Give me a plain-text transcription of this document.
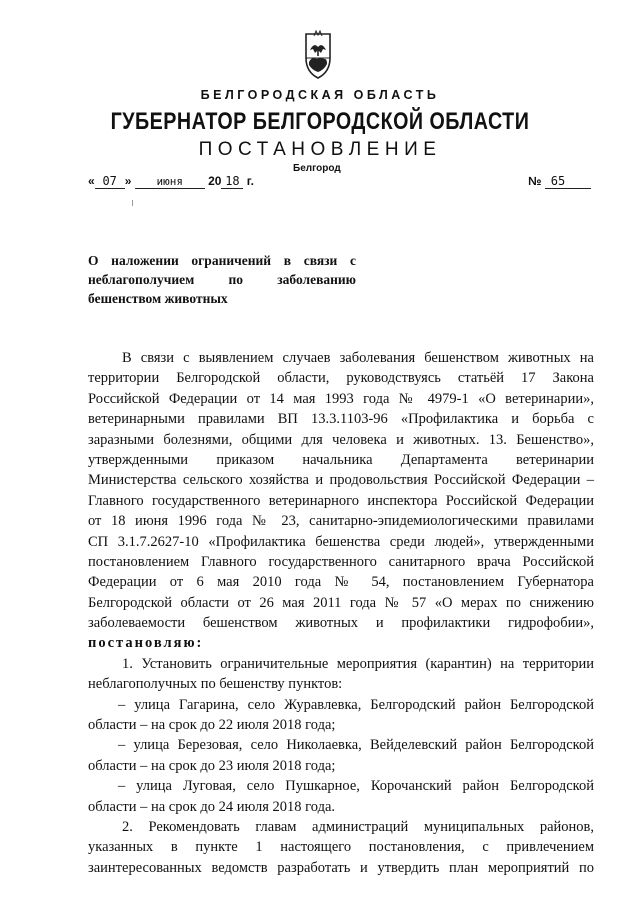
БЕЛГОРОДСКАЯ ОБЛАСТЬ
ГУБЕРНАТОР БЕЛГОРОДСКОЙ ОБЛАСТИ
ПОСТАНОВЛЕНИЕ
Белгород
« 07 » июня 20 18 г.	№ 65
О наложении ограничений в связи с
неблагополучием по заболеванию
бешенством животных
В связи с выявлением случаев заболевания бешенством животных на
территории Белгородской области, руководствуясь статьёй 17 Закона
Российской Федерации от 14 мая 1993 года № 4979-1 «О ветеринарии»,
ветеринарными правилами ВП 13.3.1103-96 «Профилактика и борьба с
заразными болезнями, общими для человека и животных. 13. Бешенство»,
утвержденными приказом начальника Департамента ветеринарии
Министерства сельского хозяйства и продовольствия Российской Федерации –
Главного государственного ветеринарного инспектора Российской Федерации
от 18 июня 1996 года № 23, санитарно-эпидемиологическими правилами
СП 3.1.7.2627-10 «Профилактика бешенства среди людей», утвержденными
постановлением Главного государственного санитарного врача Российской
Федерации от 6 мая 2010 года № 54, постановлением Губернатора
Белгородской области от 26 мая 2011 года № 57 «О мерах по снижению
заболеваемости бешенством животных и профилактики гидрофобии»,
постановляю:
1. Установить ограничительные мероприятия (карантин) на территории
неблагополучных по бешенству пунктов:
– улица Гагарина, село Журавлевка, Белгородский район Белгородской
области – на срок до 22 июля 2018 года;
– улица Березовая, село Николаевка, Вейделевский район Белгородской
области – на срок до 23 июля 2018 года;
– улица Луговая, село Пушкарное, Корочанский район Белгородской
области – на срок до 24 июля 2018 года.
2. Рекомендовать главам администраций муниципальных районов,
указанных в пункте 1 настоящего постановления, с привлечением
заинтересованных ведомств разработать и утвердить план мероприятий по
